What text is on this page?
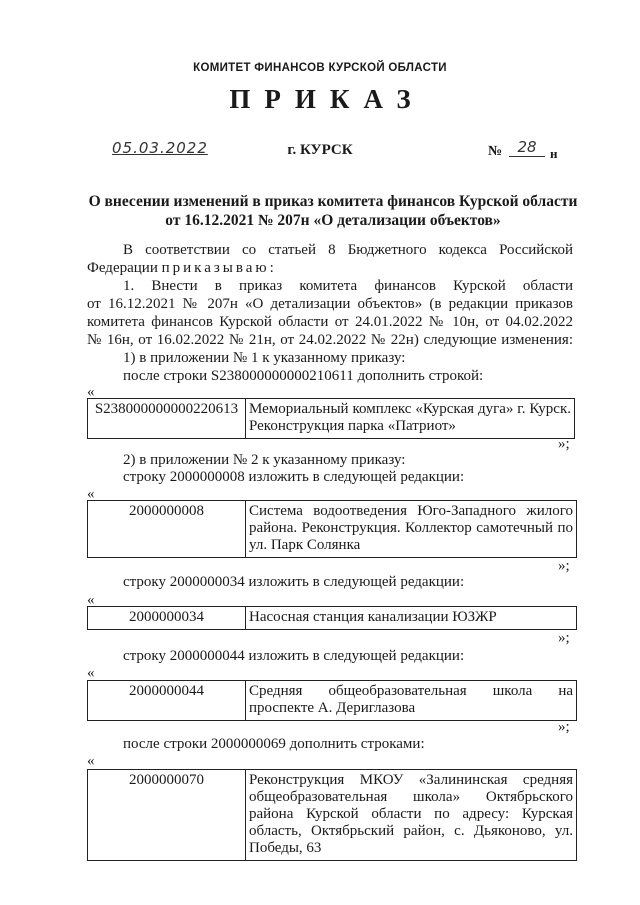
КОМИТЕТ ФИНАНСОВ КУРСКОЙ ОБЛАСТИ
ПРИКАЗ
05.03.2022	г. КУРСК	№	28	н
О внесении изменений в приказ комитета финансов Курской области
от 16.12.2021 № 207н «О детализации объектов»
В соответствии со статьей 8 Бюджетного кодекса Российской
Федерации приказываю:
1. Внести в приказ комитета финансов Курской области
от 16.12.2021 № 207н «О детализации объектов» (в редакции приказов
комитета финансов Курской области от 24.01.2022 № 10н, от 04.02.2022
№ 16н, от 16.02.2022 № 21н, от 24.02.2022 № 22н) следующие изменения:
1) в приложении № 1 к указанному приказу:
после строки S238000000000210611 дополнить строкой:
«
S238000000000220613	Мемориальный комплекс «Курская дуга» г. Курск. Реконструкция парка «Патриот»
»;
2) в приложении № 2 к указанному приказу:
строку 2000000008 изложить в следующей редакции:
«
2000000008	Система водоотведения Юго-Западного жилого района. Реконструкция. Коллектор самотечный по ул. Парк Солянка
»;
строку 2000000034 изложить в следующей редакции:
«
2000000034	Насосная станция канализации ЮЗЖР
»;
строку 2000000044 изложить в следующей редакции:
«
2000000044	Средняя общеобразовательная школа на проспекте А. Дериглазова
»;
после строки 2000000069 дополнить строками:
«
2000000070	Реконструкция МКОУ «Залининская средняя общеобразовательная школа» Октябрьского района Курской области по адресу: Курская область, Октябрьский район, с. Дьяконово, ул. Победы, 63
